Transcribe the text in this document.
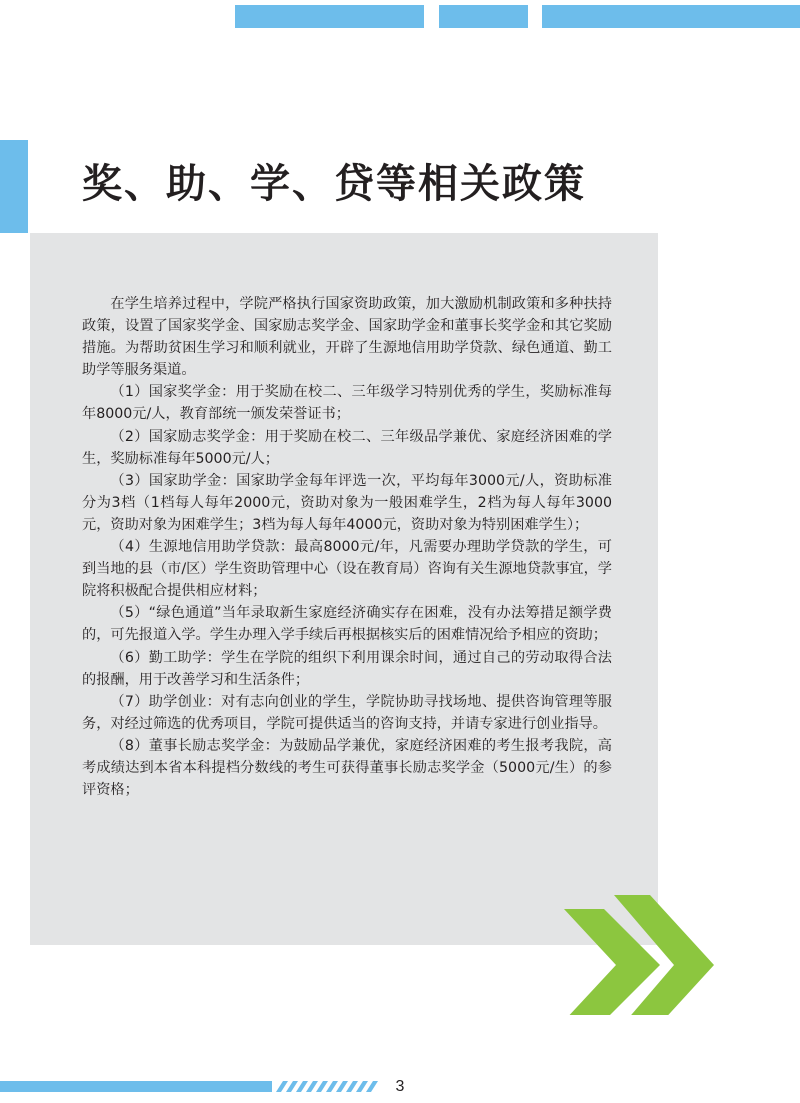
奖、助、学、贷等相关政策

在学生培养过程中，学院严格执行国家资助政策，加大激励机制政策和多种扶持政策，设置了国家奖学金、国家励志奖学金、国家助学金和董事长奖学金和其它奖励措施。为帮助贫困生学习和顺利就业，开辟了生源地信用助学贷款、绿色通道、勤工助学等服务渠道。

（1）国家奖学金：用于奖励在校二、三年级学习特别优秀的学生，奖励标准每年8000元/人，教育部统一颁发荣誉证书；

（2）国家励志奖学金：用于奖励在校二、三年级品学兼优、家庭经济困难的学生，奖励标准每年5000元/人；

（3）国家助学金：国家助学金每年评选一次，平均每年3000元/人，资助标准分为3档（1档每人每年2000元，资助对象为一般困难学生，2档为每人每年3000元，资助对象为困难学生；3档为每人每年4000元，资助对象为特别困难学生）；

（4）生源地信用助学贷款：最高8000元/年，凡需要办理助学贷款的学生，可到当地的县（市/区）学生资助管理中心（设在教育局）咨询有关生源地贷款事宜，学院将积极配合提供相应材料；

（5）“绿色通道”当年录取新生家庭经济确实存在困难，没有办法筹措足额学费的，可先报道入学。学生办理入学手续后再根据核实后的困难情况给予相应的资助；

（6）勤工助学：学生在学院的组织下利用课余时间，通过自己的劳动取得合法的报酬，用于改善学习和生活条件；

（7）助学创业：对有志向创业的学生，学院协助寻找场地、提供咨询管理等服务，对经过筛选的优秀项目，学院可提供适当的咨询支持，并请专家进行创业指导。

（8）董事长励志奖学金：为鼓励品学兼优，家庭经济困难的考生报考我院，高考成绩达到本省本科提档分数线的考生可获得董事长励志奖学金（5000元/生）的参评资格；

3
